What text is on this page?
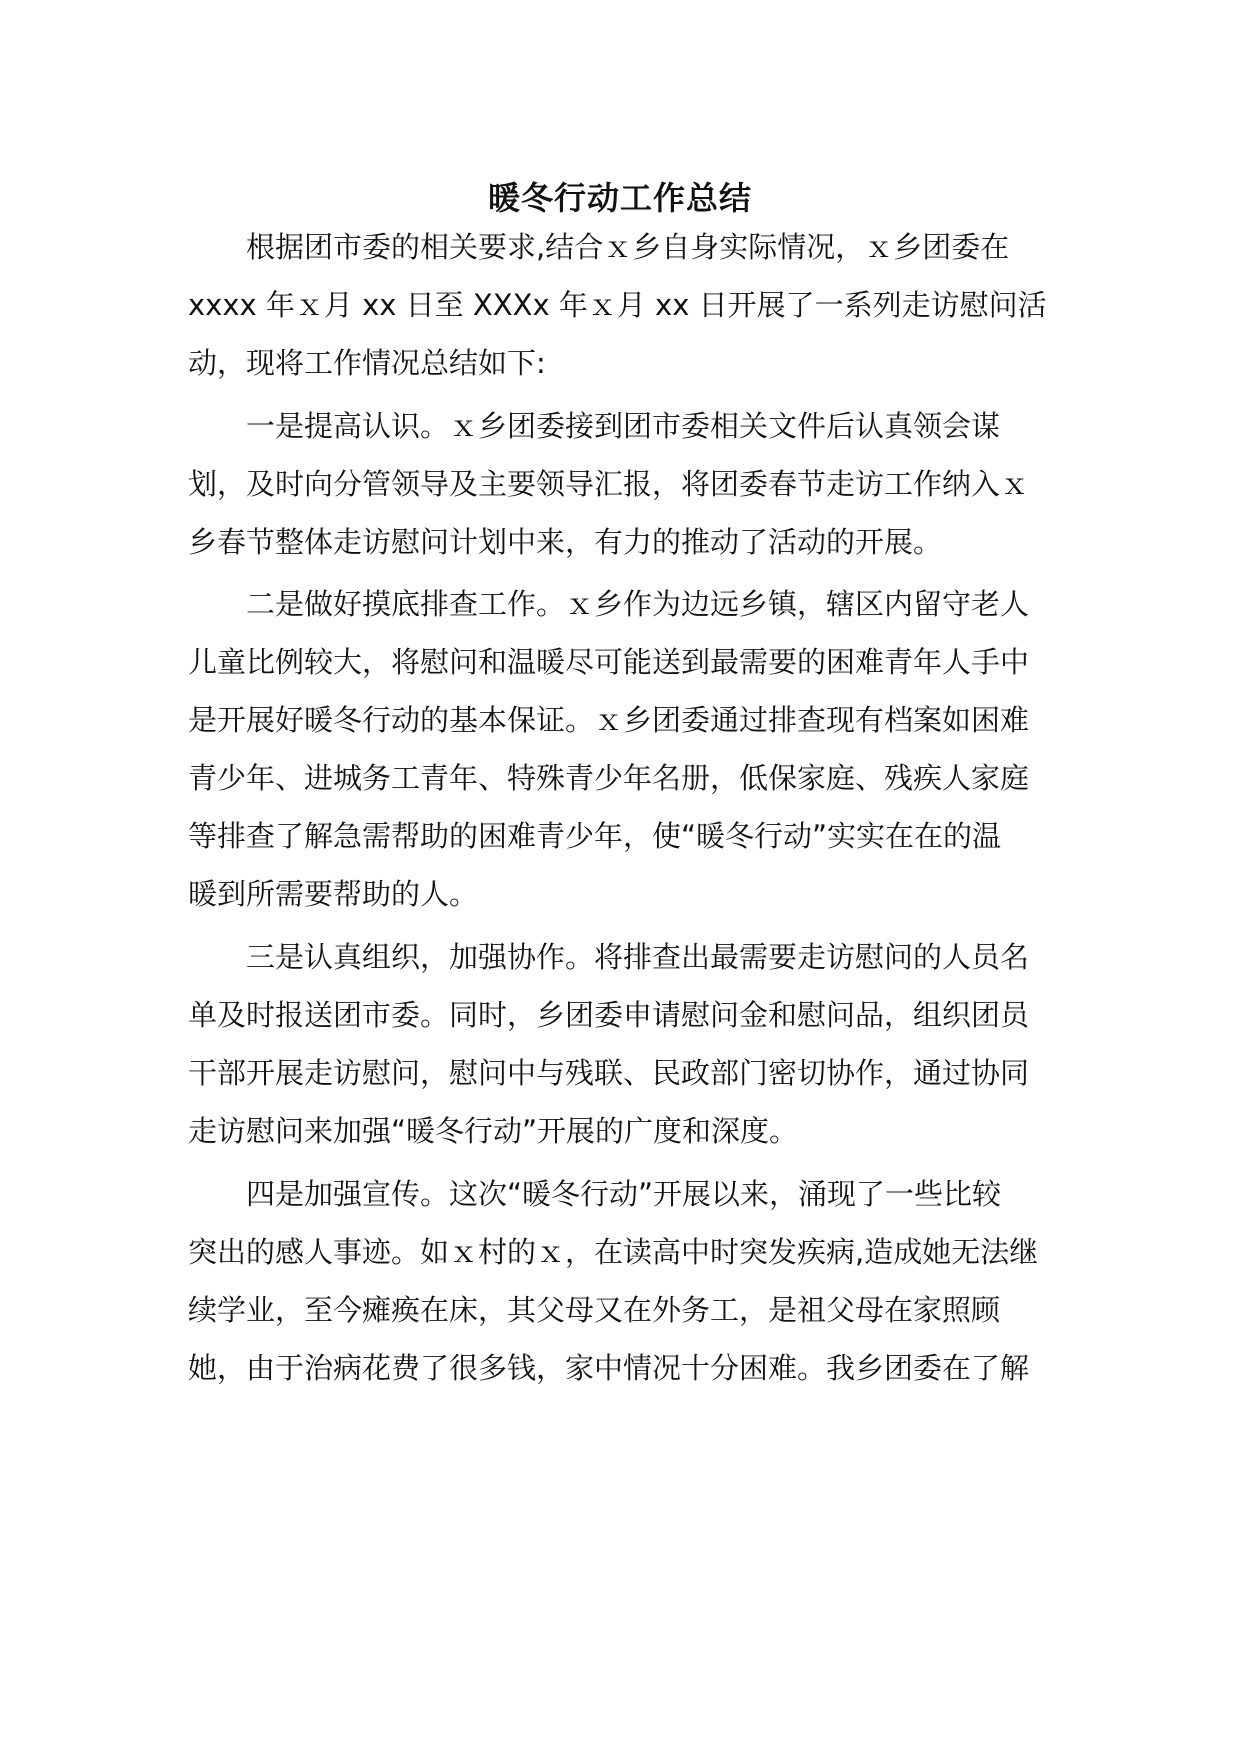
暖冬行动工作总结
根据团市委的相关要求,结合ｘ乡自身实际情况，ｘ乡团委在
xxxx 年ｘ月 xx 日至 XXXx 年ｘ月 xx 日开展了一系列走访慰问活
动，现将工作情况总结如下:
一是提高认识。ｘ乡团委接到团市委相关文件后认真领会谋
划，及时向分管领导及主要领导汇报，将团委春节走访工作纳入ｘ
乡春节整体走访慰问计划中来，有力的推动了活动的开展。
二是做好摸底排查工作。ｘ乡作为边远乡镇，辖区内留守老人
儿童比例较大，将慰问和温暖尽可能送到最需要的困难青年人手中
是开展好暖冬行动的基本保证。ｘ乡团委通过排查现有档案如困难
青少年、进城务工青年、特殊青少年名册，低保家庭、残疾人家庭
等排查了解急需帮助的困难青少年，使“暖冬行动”实实在在的温
暖到所需要帮助的人。
三是认真组织，加强协作。将排查出最需要走访慰问的人员名
单及时报送团市委。同时，乡团委申请慰问金和慰问品，组织团员
干部开展走访慰问，慰问中与残联、民政部门密切协作，通过协同
走访慰问来加强“暖冬行动”开展的广度和深度。
四是加强宣传。这次“暖冬行动”开展以来，涌现了一些比较
突出的感人事迹。如ｘ村的ｘ，在读高中时突发疾病,造成她无法继
续学业，至今瘫痪在床，其父母又在外务工，是祖父母在家照顾
她，由于治病花费了很多钱，家中情况十分困难。我乡团委在了解
